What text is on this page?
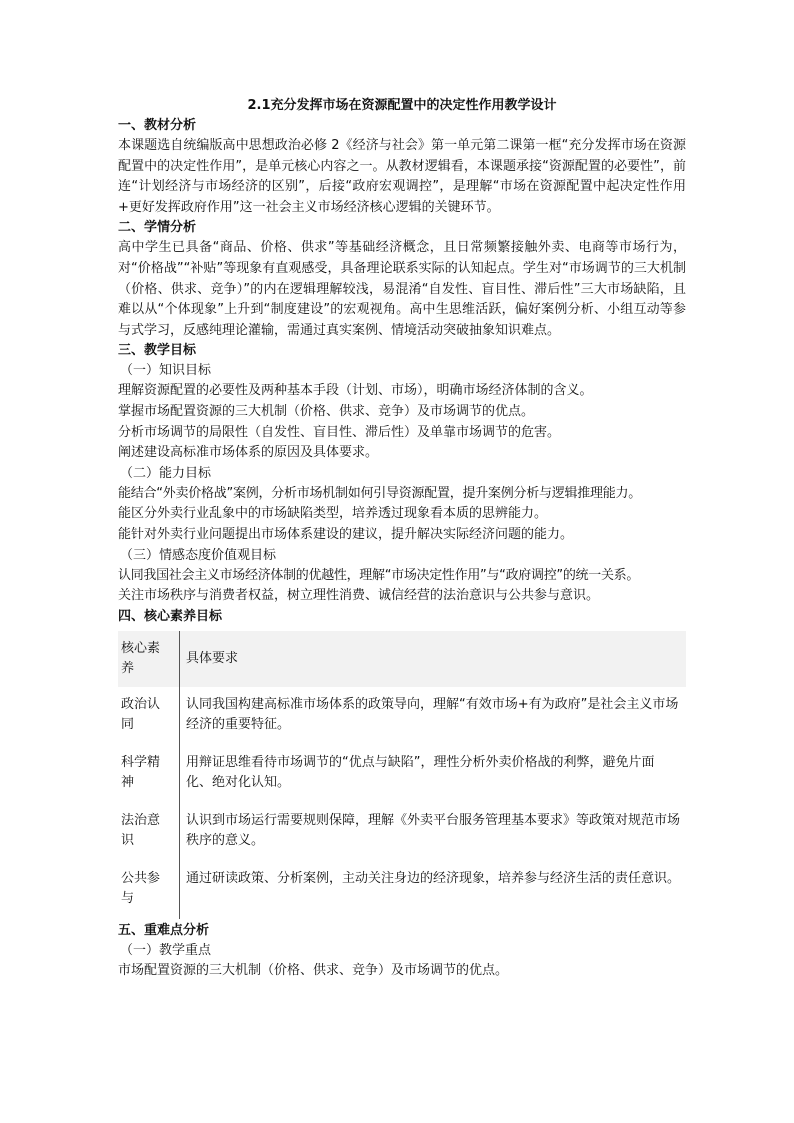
2.1充分发挥市场在资源配置中的决定性作用教学设计

一、教材分析

本课题选自统编版高中思想政治必修 2《经济与社会》第一单元第二课第一框“充分发挥市场在资源配置中的决定性作用”，是单元核心内容之一。从教材逻辑看，本课题承接“资源配置的必要性”，前连“计划经济与市场经济的区别”，后接“政府宏观调控”，是理解“市场在资源配置中起决定性作用+更好发挥政府作用”这一社会主义市场经济核心逻辑的关键环节。

二、学情分析

高中学生已具备“商品、价格、供求”等基础经济概念，且日常频繁接触外卖、电商等市场行为，对“价格战”“补贴”等现象有直观感受，具备理论联系实际的认知起点。学生对“市场调节的三大机制（价格、供求、竞争）”的内在逻辑理解较浅，易混淆“自发性、盲目性、滞后性”三大市场缺陷，且难以从“个体现象”上升到“制度建设”的宏观视角。高中生思维活跃，偏好案例分析、小组互动等参与式学习，反感纯理论灌输，需通过真实案例、情境活动突破抽象知识难点。

三、教学目标

（一）知识目标

理解资源配置的必要性及两种基本手段（计划、市场），明确市场经济体制的含义。

掌握市场配置资源的三大机制（价格、供求、竞争）及市场调节的优点。

分析市场调节的局限性（自发性、盲目性、滞后性）及单靠市场调节的危害。

阐述建设高标准市场体系的原因及具体要求。

（二）能力目标

能结合“外卖价格战”案例，分析市场机制如何引导资源配置，提升案例分析与逻辑推理能力。

能区分外卖行业乱象中的市场缺陷类型，培养透过现象看本质的思辨能力。

能针对外卖行业问题提出市场体系建设的建议，提升解决实际经济问题的能力。

（三）情感态度价值观目标

认同我国社会主义市场经济体制的优越性，理解“市场决定性作用”与“政府调控”的统一关系。

关注市场秩序与消费者权益，树立理性消费、诚信经营的法治意识与公共参与意识。

四、核心素养目标

核心素养	具体要求
政治认同	认同我国构建高标准市场体系的政策导向，理解“有效市场+有为政府”是社会主义市场经济的重要特征。
科学精神	用辩证思维看待市场调节的“优点与缺陷”，理性分析外卖价格战的利弊，避免片面化、绝对化认知。
法治意识	认识到市场运行需要规则保障，理解《外卖平台服务管理基本要求》等政策对规范市场秩序的意义。
公共参与	通过研读政策、分析案例，主动关注身边的经济现象，培养参与经济生活的责任意识。

五、重难点分析

（一）教学重点

市场配置资源的三大机制（价格、供求、竞争）及市场调节的优点。
